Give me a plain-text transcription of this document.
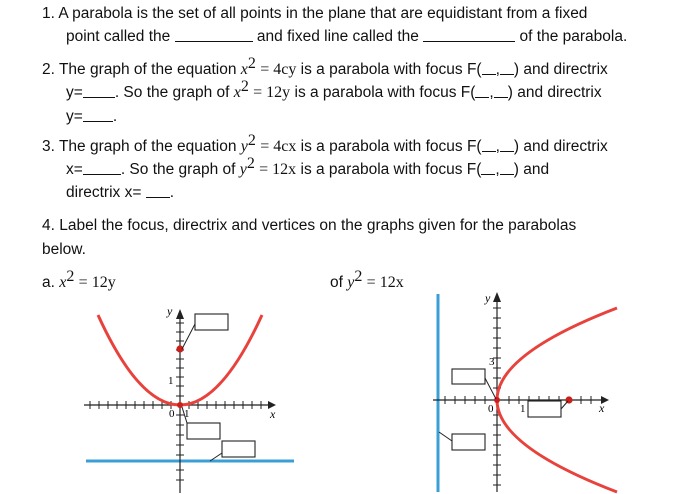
1. A parabola is the set of all points in the plane that are equidistant from a fixed
point called the	and fixed line called the	of the parabola.
2. The graph of the equation $x^2 = 4cy$ is a parabola with focus F( , ) and directrix
y= . So the graph of $x^2 = 12y$ is a parabola with focus F( , ) and directrix
y= .
3. The graph of the equation $y^2 = 4cx$ is a parabola with focus F( , ) and directrix
x= . So the graph of $y^2 = 12x$ is a parabola with focus F( , ) and
directrix x= .
4. Label the focus, directrix and vertices on the graphs given for the parabolas
below.
a. $x^2 = 12y$	of $y^2 = 12x$
y
x
0 1
1
y
x
0 1
3
